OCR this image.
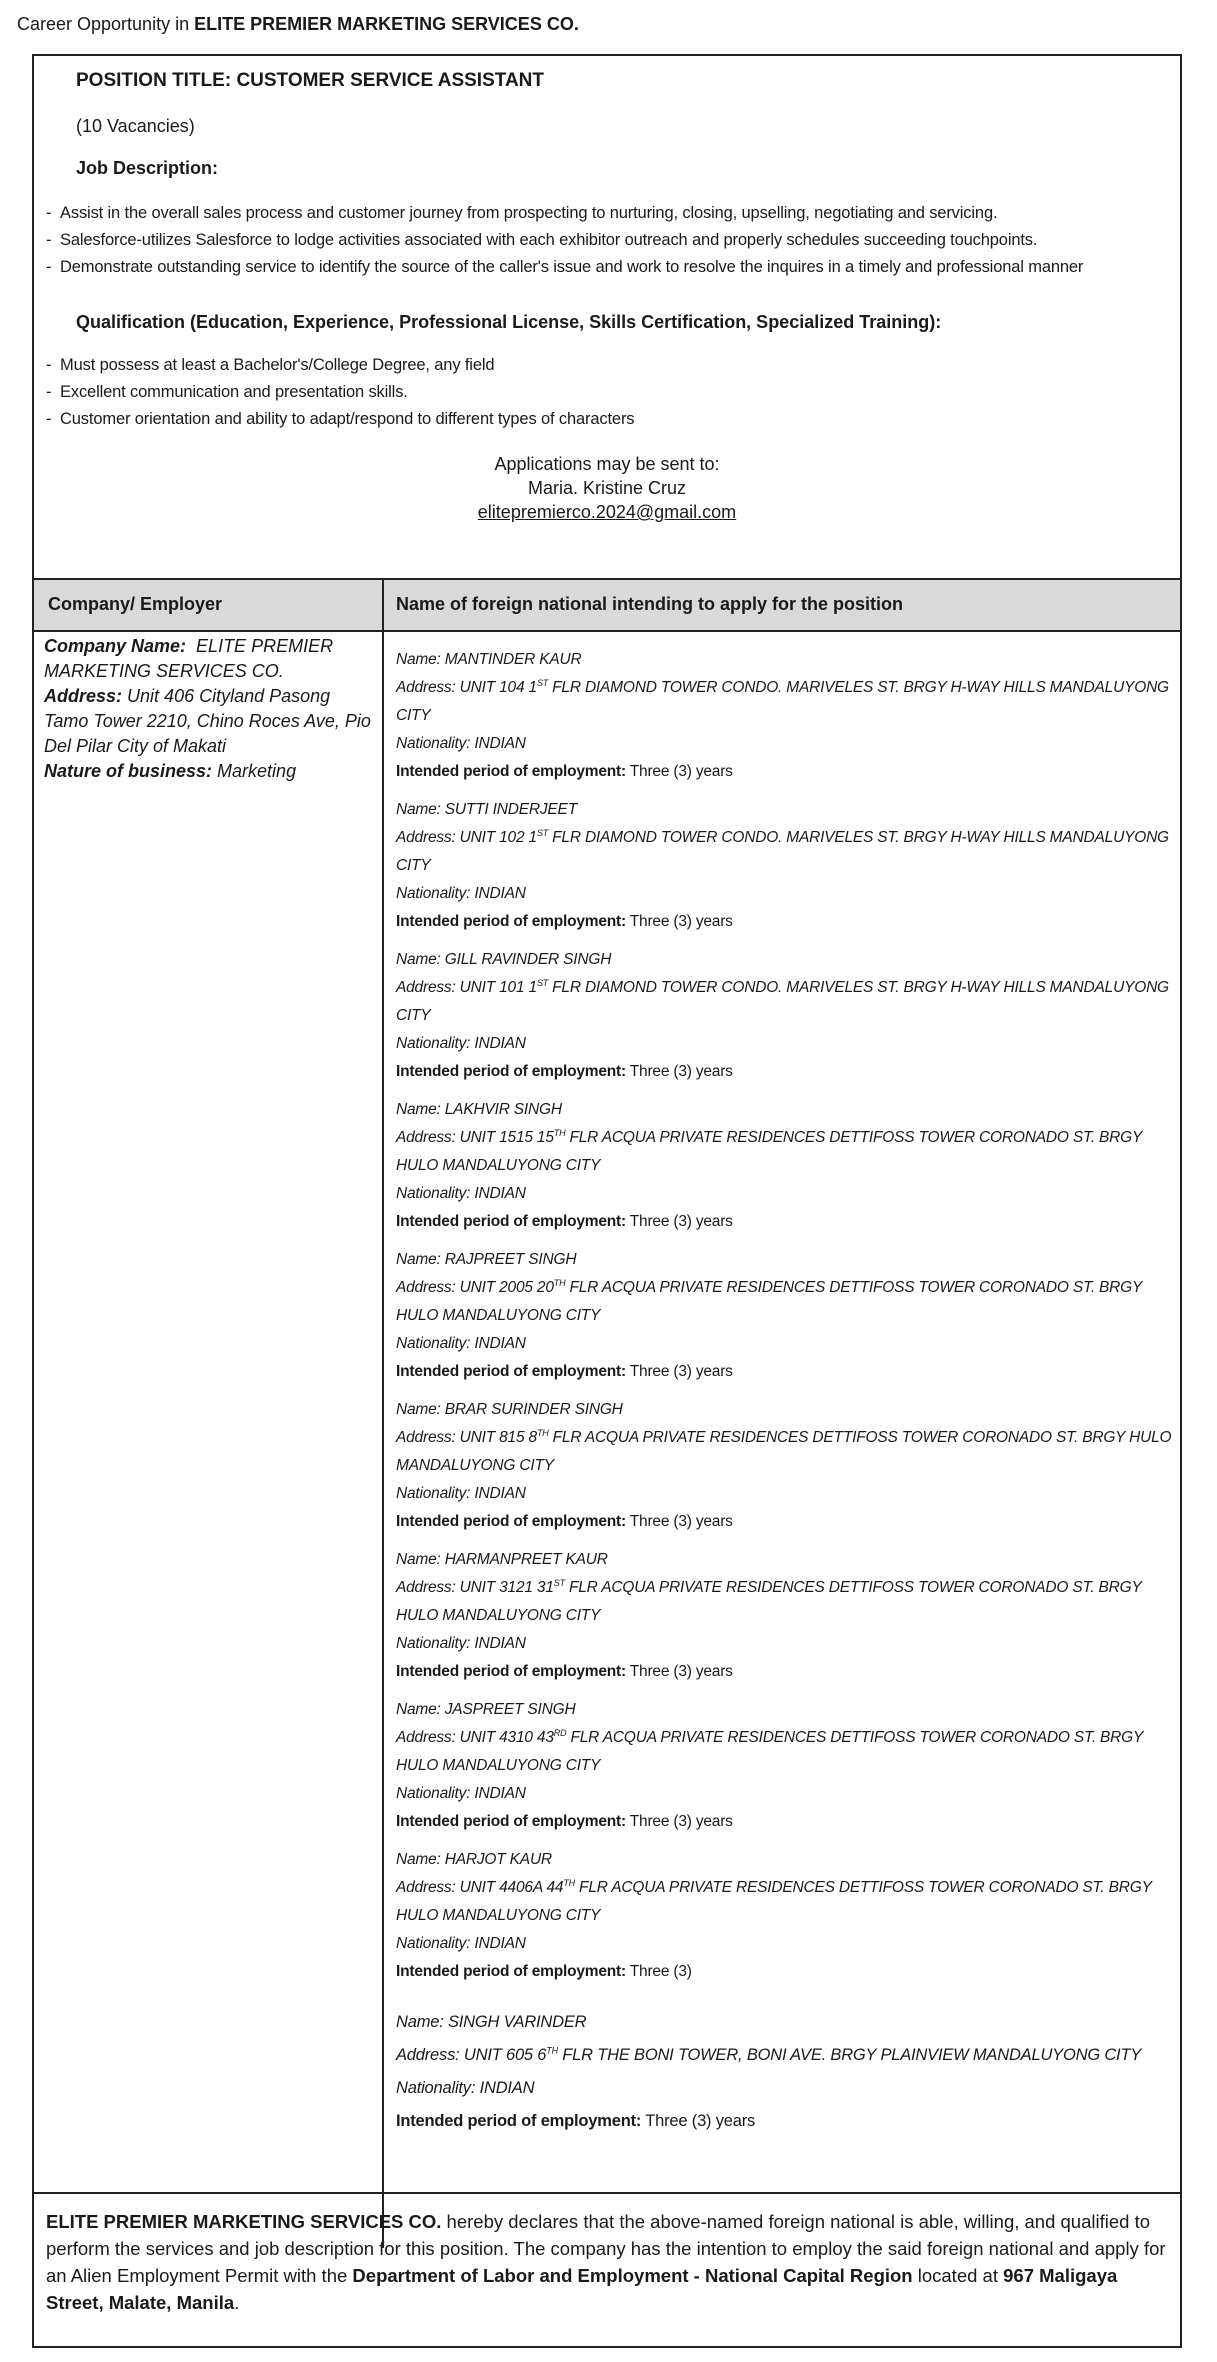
Career Opportunity in ELITE PREMIER MARKETING SERVICES CO.
POSITION TITLE: CUSTOMER SERVICE ASSISTANT
(10 Vacancies)
Job Description:
- Assist in the overall sales process and customer journey from prospecting to nurturing, closing, upselling, negotiating and servicing.
- Salesforce-utilizes Salesforce to lodge activities associated with each exhibitor outreach and properly schedules succeeding touchpoints.
- Demonstrate outstanding service to identify the source of the caller's issue and work to resolve the inquires in a timely and professional manner
Qualification (Education, Experience, Professional License, Skills Certification, Specialized Training):
- Must possess at least a Bachelor's/College Degree, any field
- Excellent communication and presentation skills.
- Customer orientation and ability to adapt/respond to different types of characters
Applications may be sent to:
Maria. Kristine Cruz
elitepremierco.2024@gmail.com
Company/ Employer	Name of foreign national intending to apply for the position
Company Name: ELITE PREMIER MARKETING SERVICES CO.
Address: Unit 406 Cityland Pasong Tamo Tower 2210, Chino Roces Ave, Pio Del Pilar City of Makati
Nature of business: Marketing
Name: MANTINDER KAUR
Address: UNIT 104 1ST FLR DIAMOND TOWER CONDO. MARIVELES ST. BRGY H-WAY HILLS MANDALUYONG CITY
Nationality: INDIAN
Intended period of employment: Three (3) years
Name: SUTTI INDERJEET
Address: UNIT 102 1ST FLR DIAMOND TOWER CONDO. MARIVELES ST. BRGY H-WAY HILLS MANDALUYONG CITY
Nationality: INDIAN
Intended period of employment: Three (3) years
Name: GILL RAVINDER SINGH
Address: UNIT 101 1ST FLR DIAMOND TOWER CONDO. MARIVELES ST. BRGY H-WAY HILLS MANDALUYONG CITY
Nationality: INDIAN
Intended period of employment: Three (3) years
Name: LAKHVIR SINGH
Address: UNIT 1515 15TH FLR ACQUA PRIVATE RESIDENCES DETTIFOSS TOWER CORONADO ST. BRGY HULO MANDALUYONG CITY
Nationality: INDIAN
Intended period of employment: Three (3) years
Name: RAJPREET SINGH
Address: UNIT 2005 20TH FLR ACQUA PRIVATE RESIDENCES DETTIFOSS TOWER CORONADO ST. BRGY HULO MANDALUYONG CITY
Nationality: INDIAN
Intended period of employment: Three (3) years
Name: BRAR SURINDER SINGH
Address: UNIT 815 8TH FLR ACQUA PRIVATE RESIDENCES DETTIFOSS TOWER CORONADO ST. BRGY HULO MANDALUYONG CITY
Nationality: INDIAN
Intended period of employment: Three (3) years
Name: HARMANPREET KAUR
Address: UNIT 3121 31ST FLR ACQUA PRIVATE RESIDENCES DETTIFOSS TOWER CORONADO ST. BRGY HULO MANDALUYONG CITY
Nationality: INDIAN
Intended period of employment: Three (3) years
Name: JASPREET SINGH
Address: UNIT 4310 43RD FLR ACQUA PRIVATE RESIDENCES DETTIFOSS TOWER CORONADO ST. BRGY HULO MANDALUYONG CITY
Nationality: INDIAN
Intended period of employment: Three (3) years
Name: HARJOT KAUR
Address: UNIT 4406A 44TH FLR ACQUA PRIVATE RESIDENCES DETTIFOSS TOWER CORONADO ST. BRGY HULO MANDALUYONG CITY
Nationality: INDIAN
Intended period of employment: Three (3)
Name: SINGH VARINDER
Address: UNIT 605 6TH FLR THE BONI TOWER, BONI AVE. BRGY PLAINVIEW MANDALUYONG CITY
Nationality: INDIAN
Intended period of employment: Three (3) years
ELITE PREMIER MARKETING SERVICES CO. hereby declares that the above-named foreign national is able, willing, and qualified to perform the services and job description for this position. The company has the intention to employ the said foreign national and apply for an Alien Employment Permit with the Department of Labor and Employment - National Capital Region located at 967 Maligaya Street, Malate, Manila.
